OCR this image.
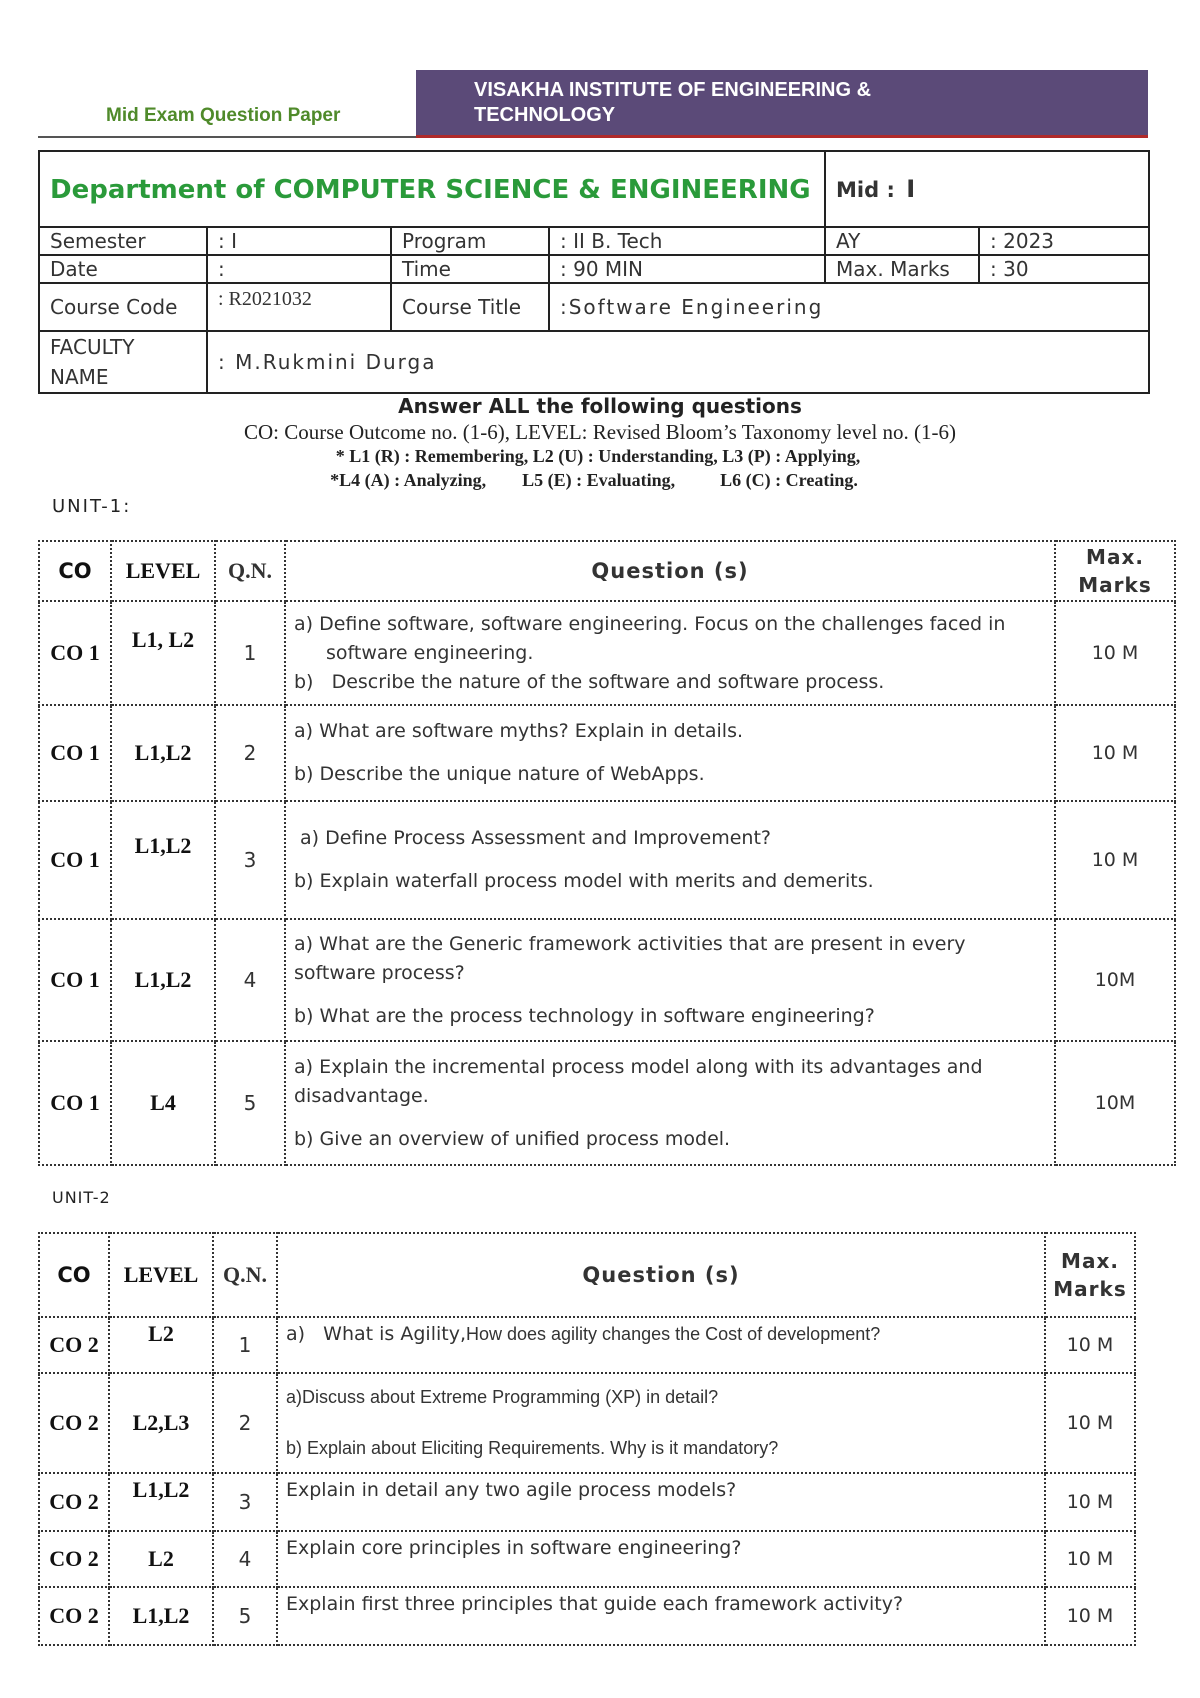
Mid Exam Question Paper
VISAKHA INSTITUTE OF ENGINEERING &
TECHNOLOGY
Department of COMPUTER SCIENCE & ENGINEERING				Mid : I	
Semester	: I	Program	: II B. Tech	AY	: 2023
Date	:	Time	: 90 MIN	Max. Marks	: 30
Course Code	: R2021032	Course Title	:Software Engineering		
FACULTY NAME	: M.Rukmini Durga				
Answer ALL the following questions
CO: Course Outcome no. (1-6), LEVEL: Revised Bloom’s Taxonomy level no. (1-6)
* L1 (R) : Remembering, L2 (U) : Understanding, L3 (P) : Applying,
*L4 (A) : Analyzing,        L5 (E) : Evaluating,          L6 (C) : Creating.
UNIT-1:
CO	LEVEL	Q.N.	Question (s)	Max. Marks
CO 1	L1, L2	1	a) Define software, software engineering. Focus on the challenges faced in software engineering.
b)   Describe the nature of the software and software process.	10 M
CO 1	L1,L2	2	a) What are software myths? Explain in details.
b) Describe the unique nature of WebApps.	10 M
CO 1	L1,L2	3	a) Define Process Assessment and Improvement?
b) Explain waterfall process model with merits and demerits.	10 M
CO 1	L1,L2	4	a) What are the Generic framework activities that are present in every software process?
b) What are the process technology in software engineering?	10M
CO 1	L4	5	a) Explain the incremental process model along with its advantages and disadvantage.
b) Give an overview of unified process model.	10M
UNIT-2
CO	LEVEL	Q.N.	Question (s)	Max. Marks
CO 2	L2	1	a)   What is Agility,How does agility changes the Cost of development?	10 M
CO 2	L2,L3	2	a)Discuss about Extreme Programming (XP) in detail?
b) Explain about Eliciting Requirements. Why is it mandatory?	10 M
CO 2	L1,L2	3	Explain in detail any two agile process models?	10 M
CO 2	L2	4	Explain core principles in software engineering?	10 M
CO 2	L1,L2	5	Explain first three principles that guide each framework activity?	10 M
